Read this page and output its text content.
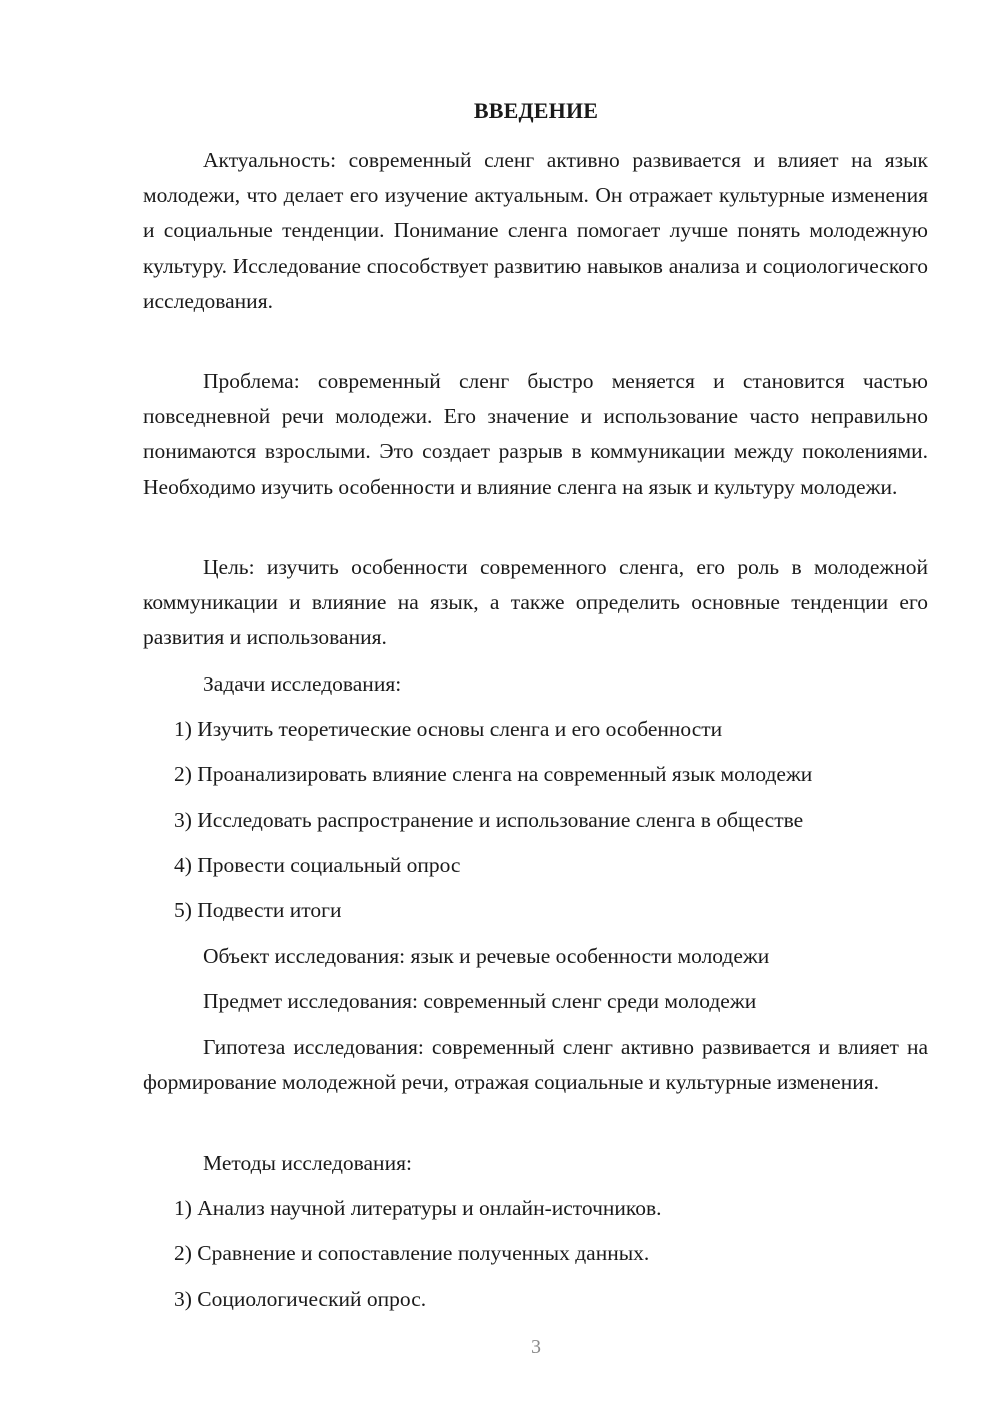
ВВЕДЕНИЕ

Актуальность: современный сленг активно развивается и влияет на язык молодежи, что делает его изучение актуальным. Он отражает культурные изменения и социальные тенденции. Понимание сленга помогает лучше понять молодежную культуру. Исследование способствует развитию навыков анализа и социологического исследования.

Проблема: современный сленг быстро меняется и становится частью повседневной речи молодежи. Его значение и использование часто неправильно понимаются взрослыми. Это создает разрыв в коммуникации между поколениями. Необходимо изучить особенности и влияние сленга на язык и культуру молодежи.

Цель: изучить особенности современного сленга, его роль в молодежной коммуникации и влияние на язык, а также определить основные тенденции его развития и использования.

Задачи исследования:
1) Изучить теоретические основы сленга и его особенности
2) Проанализировать влияние сленга на современный язык молодежи
3) Исследовать распространение и использование сленга в обществе
4) Провести социальный опрос
5) Подвести итоги
Объект исследования: язык и речевые особенности молодежи
Предмет исследования: современный сленг среди молодежи

Гипотеза исследования: современный сленг активно развивается и влияет на формирование молодежной речи, отражая социальные и культурные изменения.

Методы исследования:
1) Анализ научной литературы и онлайн-источников.
2) Сравнение и сопоставление полученных данных.
3) Социологический опрос.
3
